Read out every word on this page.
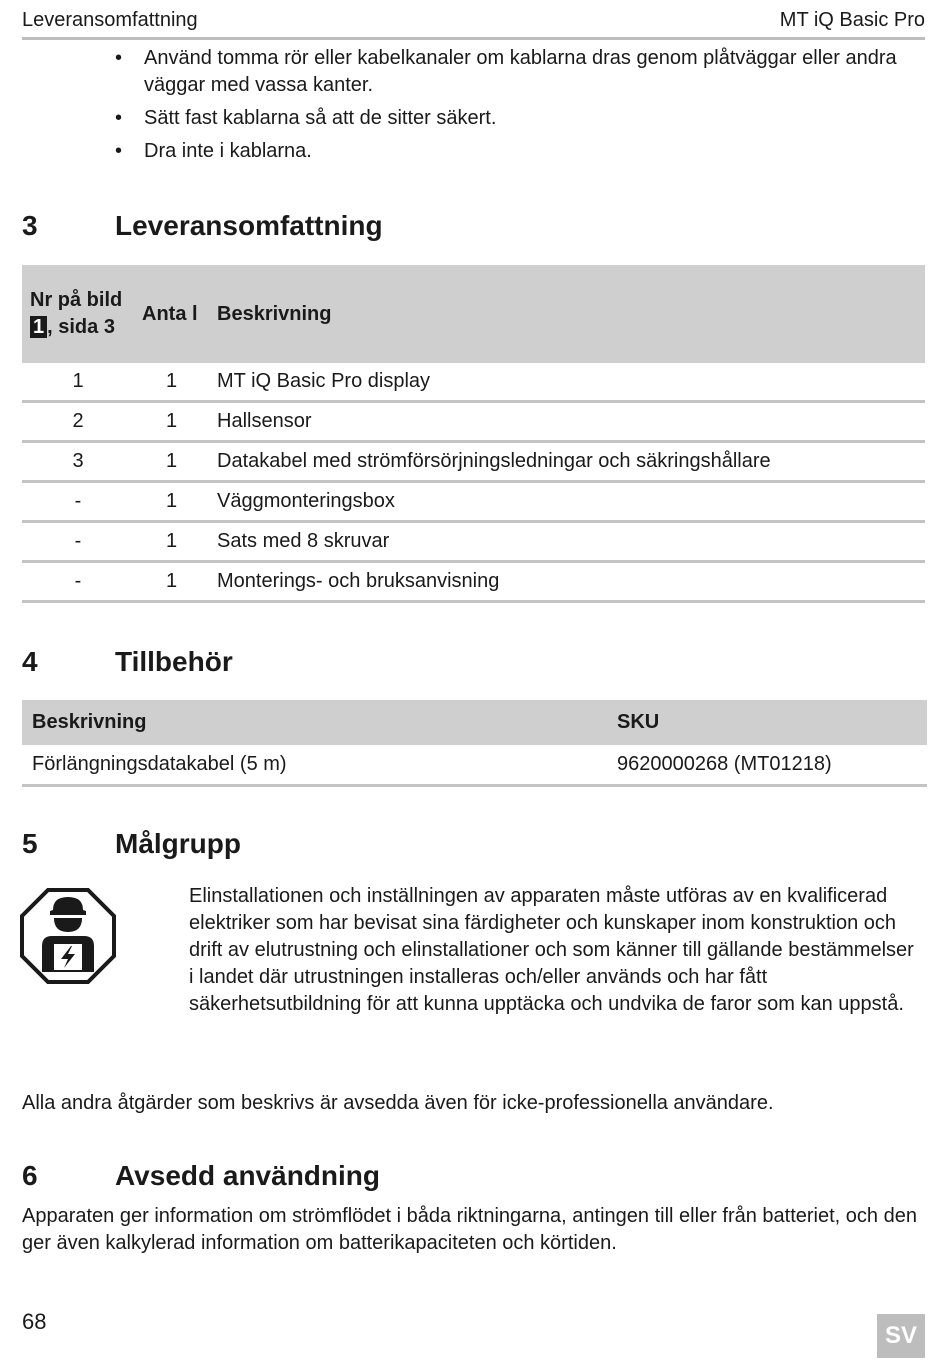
Leveransomfattning	MT iQ Basic Pro
• Använd tomma rör eller kabelkanaler om kablarna dras genom plåtväggar eller andra väggar med vassa kanter.
• Sätt fast kablarna så att de sitter säkert.
• Dra inte i kablarna.
3	Leveransomfattning
Nr på bild 1 , sida 3	Anta l	Beskrivning
1	1	MT iQ Basic Pro display
2	1	Hallsensor
3	1	Datakabel med strömförsörjningsledningar och säkringshållare
-	1	Väggmonteringsbox
-	1	Sats med 8 skruvar
-	1	Monterings- och bruksanvisning
4	Tillbehör
Beskrivning	SKU
Förlängningsdatakabel (5 m)	9620000268 (MT01218)
5	Målgrupp
Elinstallationen och inställningen av apparaten måste utföras av en kvalificerad elektriker som har bevisat sina färdigheter och kunskaper inom konstruktion och drift av elutrustning och elinstallationer och som känner till gällande bestämmelser i landet där utrustningen installeras och/eller används och har fått säkerhetsutbildning för att kunna upptäcka och undvika de faror som kan uppstå.
Alla andra åtgärder som beskrivs är avsedda även för icke-professionella användare.
6	Avsedd användning
Apparaten ger information om strömflödet i båda riktningarna, antingen till eller från batteriet, och den ger även kalkylerad information om batterikapaciteten och körtiden.
68
SV
